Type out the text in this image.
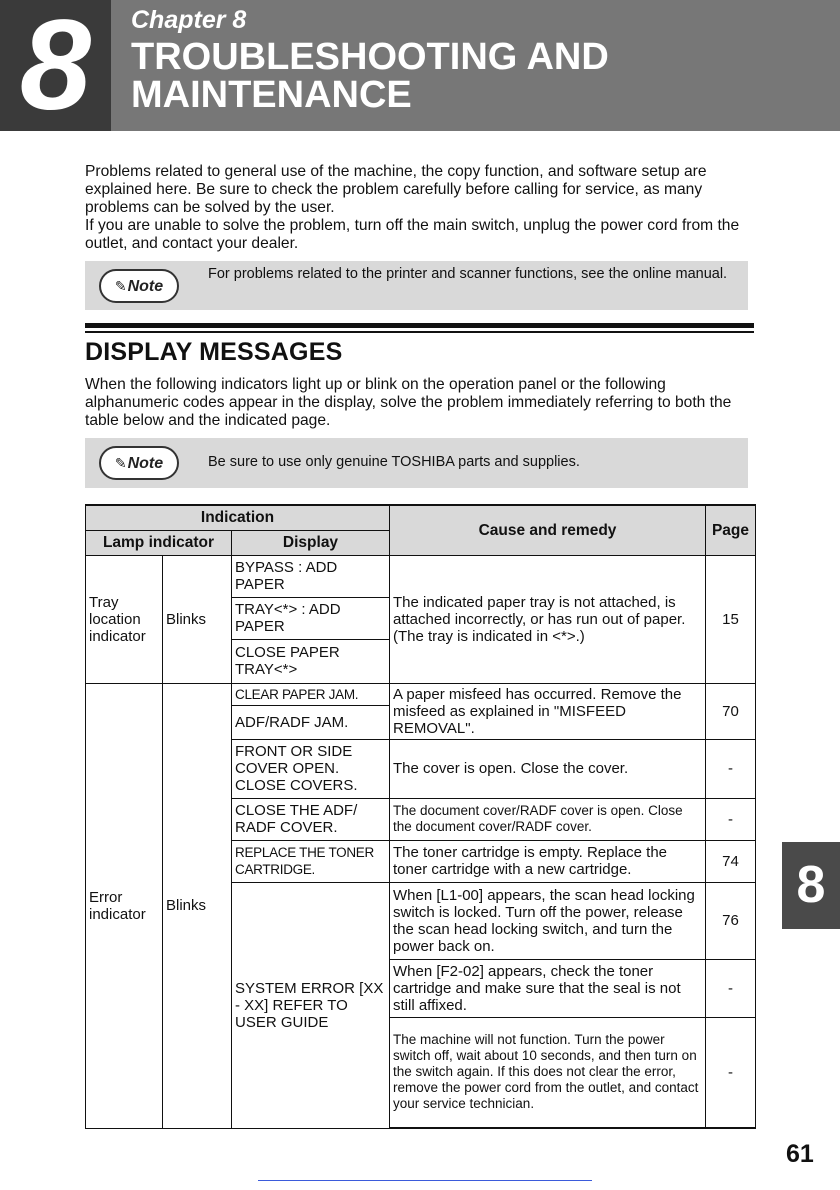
8	Chapter 8
TROUBLESHOOTING AND
MAINTENANCE

Problems related to general use of the machine, the copy function, and software setup are explained here. Be sure to check the problem carefully before calling for service, as many problems can be solved by the user.

If you are unable to solve the problem, turn off the main switch, unplug the power cord from the outlet, and contact your dealer.

✎Note
For problems related to the printer and scanner functions, see the online manual.
DISPLAY MESSAGES
When the following indicators light up or blink on the operation panel or the following alphanumeric codes appear in the display, solve the problem immediately referring to both the table below and the indicated page.
✎Note	Be sure to use only genuine TOSHIBA parts and supplies.
Indication			Cause and remedy	Page
Lamp indicator		Display		
Tray location indicator	Blinks	BYPASS : ADD PAPER	The indicated paper tray is not attached, is attached incorrectly, or has run out of paper. (The tray is indicated in <*>.)	15
		TRAY<*> : ADD PAPER		
		CLOSE PAPER TRAY<*>		
Error indicator	Blinks	CLEAR PAPER JAM.	A paper misfeed has occurred. Remove the misfeed as explained in "MISFEED REMOVAL".	70
		ADF/RADF JAM.		
		FRONT OR SIDE COVER OPEN. CLOSE COVERS.	The cover is open. Close the cover.	-
		CLOSE THE ADF/ RADF COVER.	The document cover/RADF cover is open. Close the document cover/RADF cover.	-
		REPLACE THE TONER CARTRIDGE.	The toner cartridge is empty. Replace the toner cartridge with a new cartridge.	74
		SYSTEM ERROR [XX - XX] REFER TO USER GUIDE	When [L1-00] appears, the scan head locking switch is locked. Turn off the power, release the scan head locking switch, and turn the power back on.	76
			When [F2-02] appears, check the toner cartridge and make sure that the seal is not still affixed.	-
			The machine will not function. Turn the power switch off, wait about 10 seconds, and then turn on the switch again. If this does not clear the error, remove the power cord from the outlet, and contact your service technician.	-

8
61
